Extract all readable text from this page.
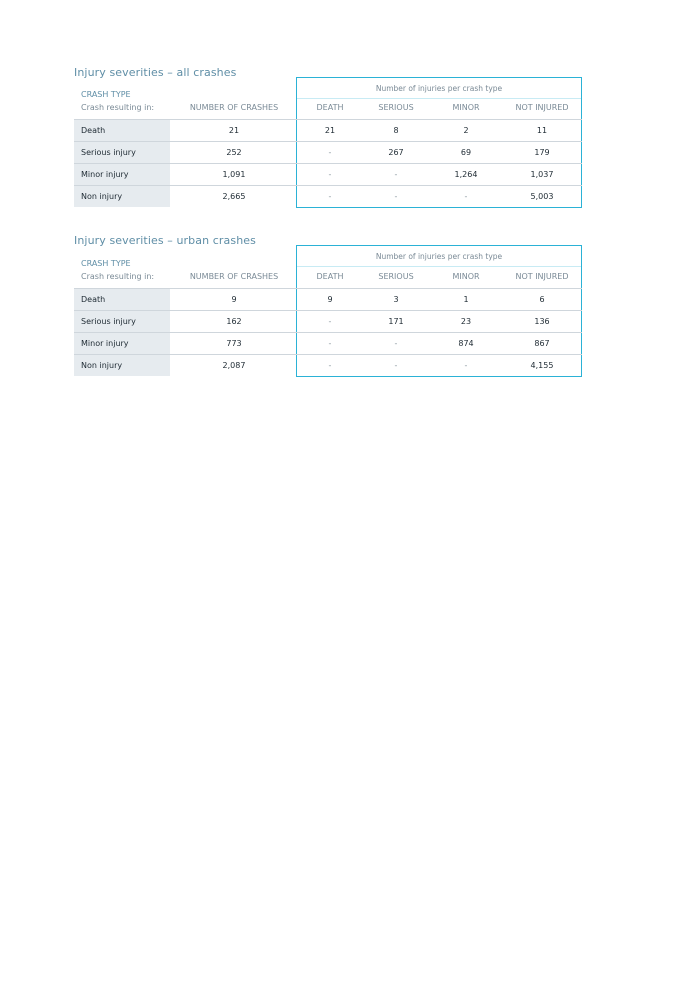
Injury severities – all crashes
Number of injuries per crash type
CRASH TYPE
Crash resulting in:	NUMBER OF CRASHES	DEATH	SERIOUS	MINOR	NOT INJURED
Death	21	21	8	2	11
Serious injury	252	-	267	69	179
Minor injury	1,091	-	-	1,264	1,037
Non injury	2,665	-	-	-	5,003
Injury severities – urban crashes
Number of injuries per crash type
CRASH TYPE
Crash resulting in:	NUMBER OF CRASHES	DEATH	SERIOUS	MINOR	NOT INJURED
Death	9	9	3	1	6
Serious injury	162	-	171	23	136
Minor injury	773	-	-	874	867
Non injury	2,087	-	-	-	4,155
